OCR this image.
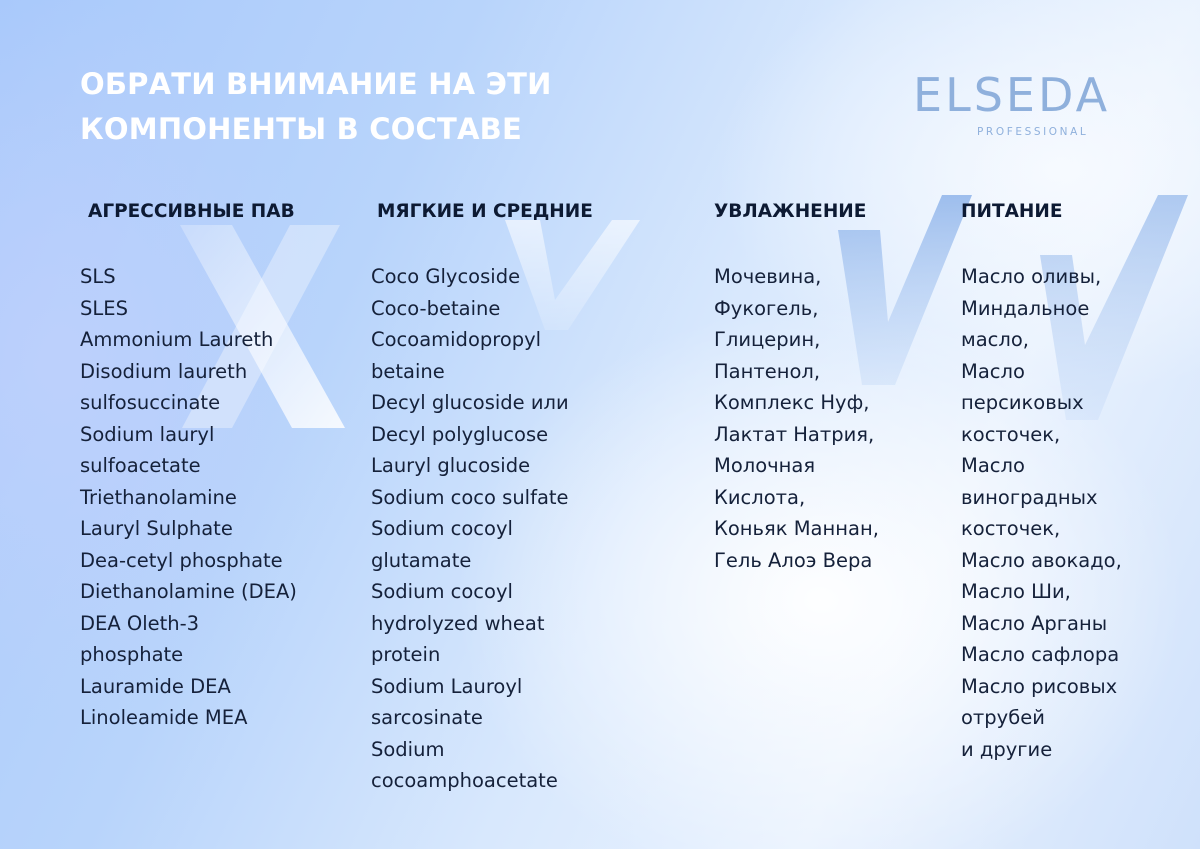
ОБРАТИ ВНИМАНИЕ НА ЭТИ
КОМПОНЕНТЫ В СОСТАВЕ
ELSEDA
PROFESSIONAL
АГРЕССИВНЫЕ ПАВ
SLS
SLES
Ammonium Laureth
Disodium laureth
sulfosuccinate
Sodium lauryl
sulfoacetate
Triethanolamine
Lauryl Sulphate
Dea-cetyl phosphate
Diethanolamine (DEA)
DEA Oleth-3
phosphate
Lauramide DEA
Linoleamide MEA
МЯГКИЕ И СРЕДНИЕ
Coco Glycoside
Coco-betaine
Cocoamidopropyl
betaine
Decyl glucoside или
Decyl polyglucose
Lauryl glucoside
Sodium coco sulfate
Sodium cocoyl
glutamate
Sodium cocoyl
hydrolyzed wheat
protein
Sodium Lauroyl
sarcosinate
Sodium
cocoamphoacetate
УВЛАЖНЕНИЕ
Мочевина,
Фукогель,
Глицерин,
Пантенол,
Комплекс Нуф,
Лактат Натрия,
Молочная
Кислота,
Коньяк Маннан,
Гель Алоэ Вера
ПИТАНИЕ
Масло оливы,
Миндальное
масло,
Масло
персиковых
косточек,
Масло
виноградных
косточек,
Масло авокадо,
Масло Ши,
Масло Арганы
Масло сафлора
Масло рисовых
отрубей
и другие
